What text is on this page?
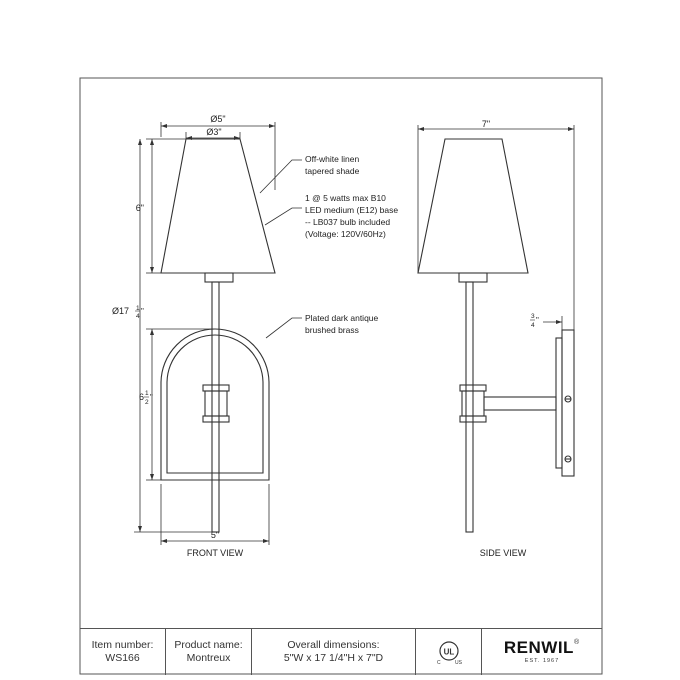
Ø5"
Ø3"
6"
Ø17 1
4
"
6 1
2
"
5"
FRONT VIEW
Off-white linen
tapered shade
1 @ 5 watts max B10
LED medium (E12) base
-- LB037 bulb included
(Voltage: 120V/60Hz)
Plated dark antique
brushed brass
7"
3
4
"
SIDE VIEW
Item number:
WS166
Product name:
Montreux
Overall dimensions:
5"W x 17 1/4"H x 7"D	UL
C	US
RENWIL®
EST. 1967
